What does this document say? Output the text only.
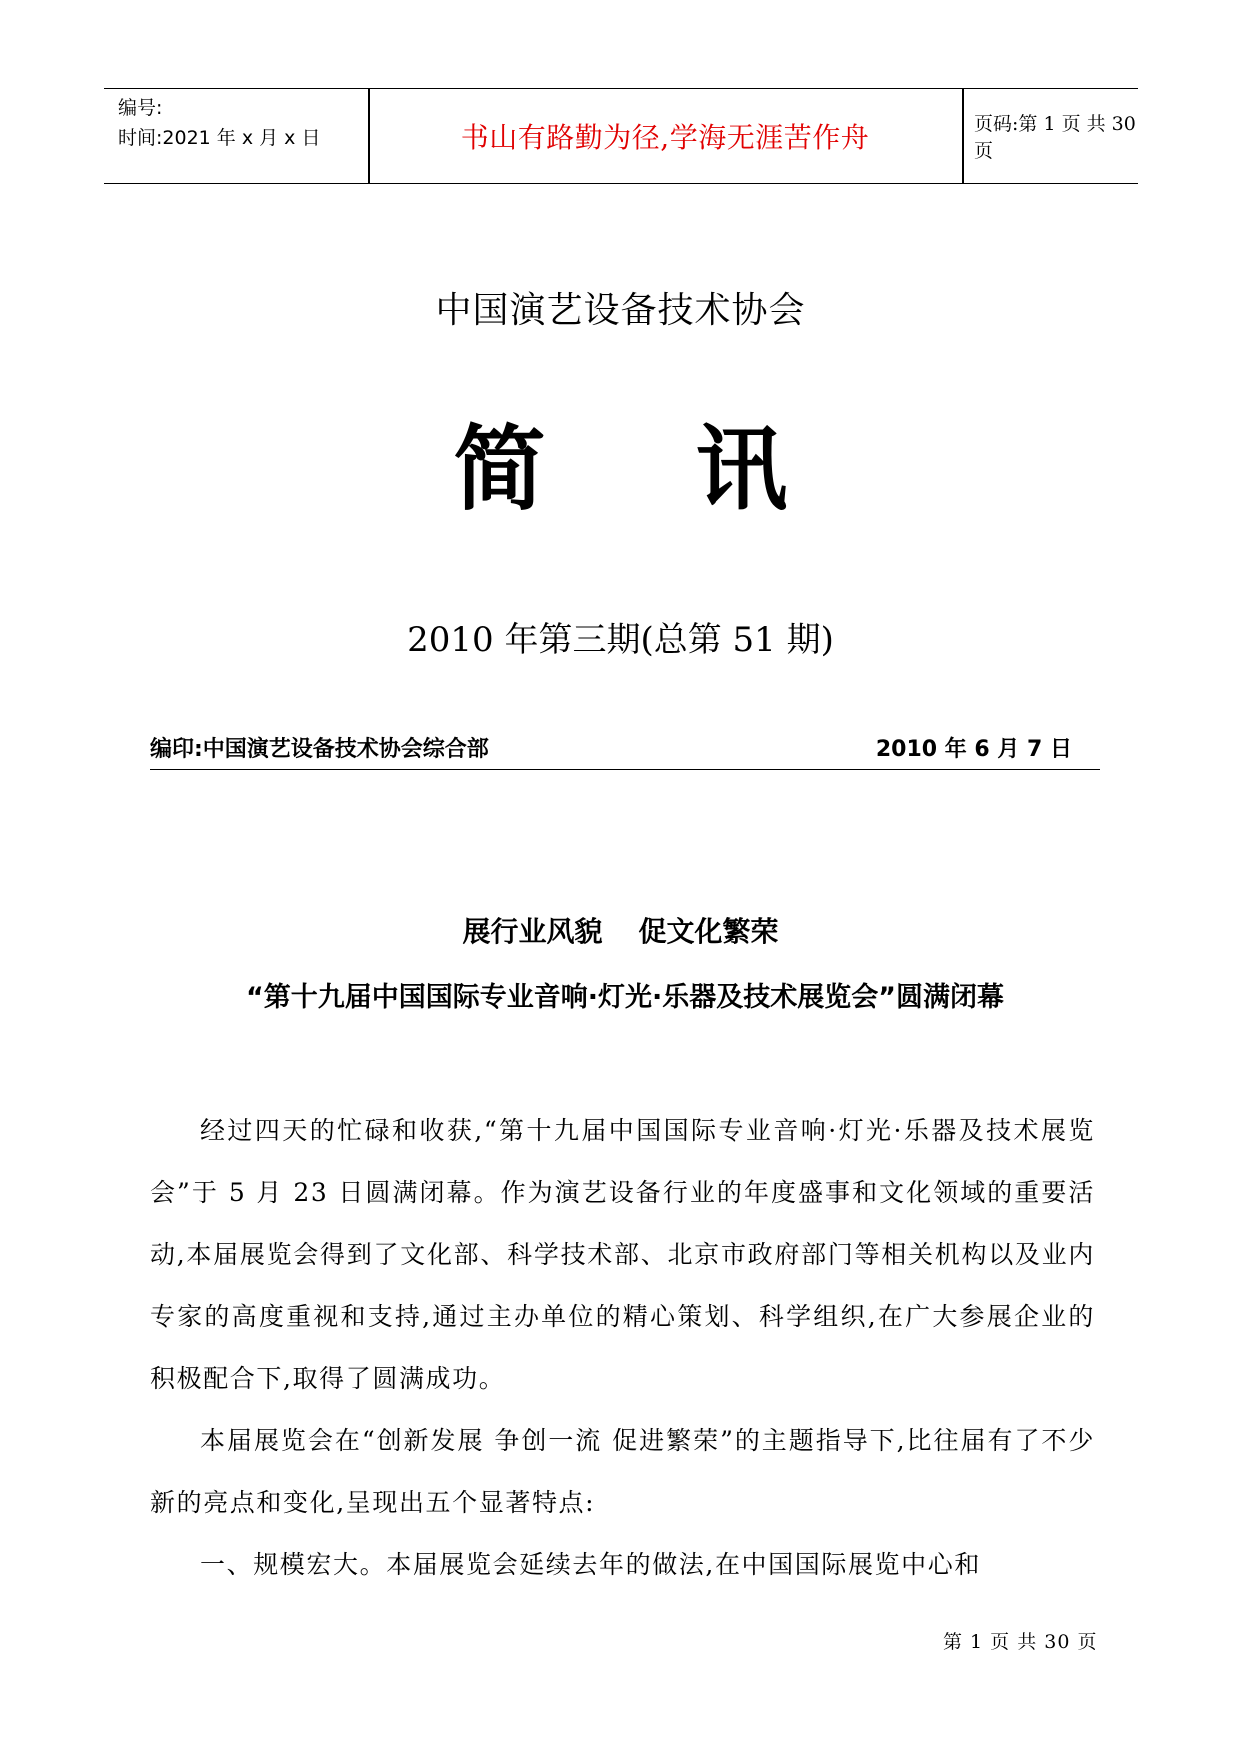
编号:
时间:2021 年 x 月 x 日	书山有路勤为径,学海无涯苦作舟	页码:第 1 页 共 30 页
中国演艺设备技术协会
简 讯
2010 年第三期(总第 51 期)
编印:中国演艺设备技术协会综合部	2010 年 6 月 7 日
展行业风貌 促文化繁荣
“第十九届中国国际专业音响·灯光·乐器及技术展览会”圆满闭幕

经过四天的忙碌和收获,“第十九届中国国际专业音响·灯光·乐器及技术展览会”于 5 月 23 日圆满闭幕。作为演艺设备行业的年度盛事和文化领域的重要活动,本届展览会得到了文化部、科学技术部、北京市政府部门等相关机构以及业内专家的高度重视和支持,通过主办单位的精心策划、科学组织,在广大参展企业的积极配合下,取得了圆满成功。

本届展览会在“创新发展 争创一流 促进繁荣”的主题指导下,比往届有了不少新的亮点和变化,呈现出五个显著特点:

一、规模宏大。本届展览会延续去年的做法,在中国国际展览中心和

第 1 页 共 30 页
